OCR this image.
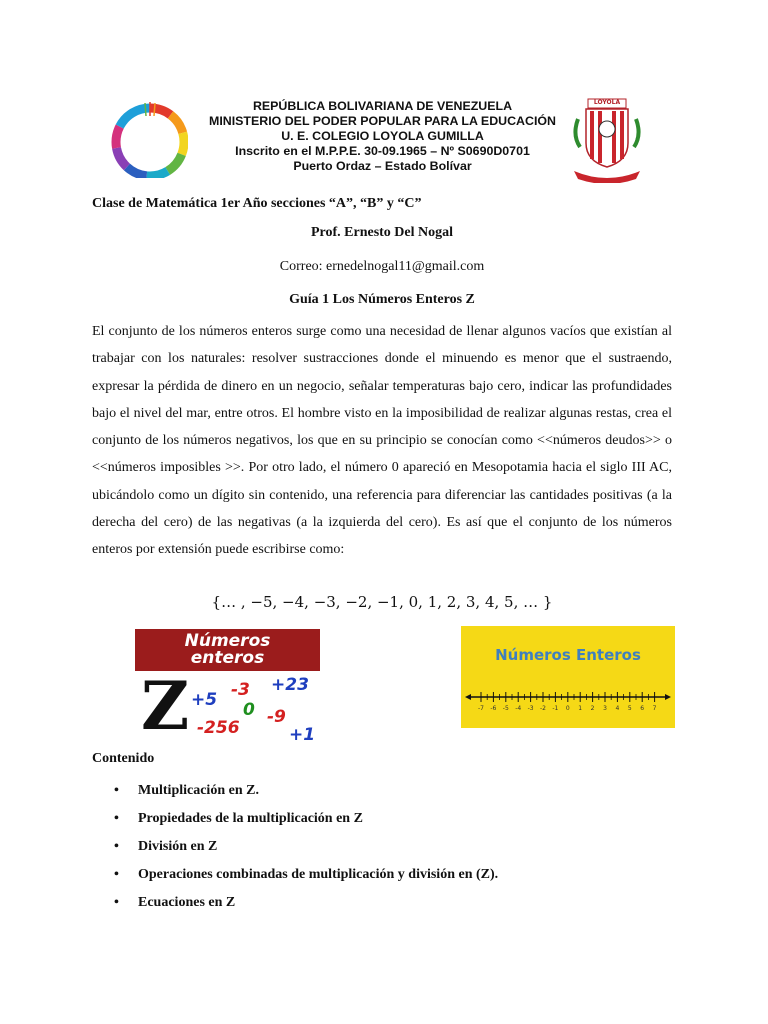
REPÚBLICA BOLIVARIANA DE VENEZUELA
MINISTERIO DEL PODER POPULAR PARA LA EDUCACIÓN
U. E. COLEGIO LOYOLA GUMILLA
Inscrito en el M.P.P.E. 30-09.1965 – Nº S0690D0701
Puerto Ordaz – Estado Bolívar
LOYOLA
Clase de Matemática 1er Año secciones “A”, “B” y “C”
Prof. Ernesto Del Nogal
Correo: ernedelnogal11@gmail.com
Guía 1 Los Números Enteros Z
El conjunto de los números enteros surge como una necesidad de llenar algunos vacíos que existían al trabajar con los naturales: resolver sustracciones donde el minuendo es menor que el sustraendo, expresar la pérdida de dinero en un negocio, señalar temperaturas bajo cero, indicar las profundidades bajo el nivel del mar, entre otros. El hombre visto en la imposibilidad de realizar algunas restas, crea el conjunto de los números negativos, los que en su principio se conocían como <<números deudos>> o <<números imposibles >>. Por otro lado, el número 0 apareció en Mesopotamia hacia el siglo III AC, ubicándolo como un dígito sin contenido, una referencia para diferenciar las cantidades positivas (a la derecha del cero) de las negativas (a la izquierda del cero). Es así que el conjunto de los números enteros por extensión puede escribirse como:
{… , −5, −4, −3, −2, −1, 0, 1, 2, 3, 4, 5, … }
Números
enteros
Z +5 -3 +23
0 -9
-256	+1
Números Enteros
-7 -6 -5 -4 -3 -2 -1	0	1	2	3	4	5	6	7
Contenido
• Multiplicación en Z.
• Propiedades de la multiplicación en Z
• División en Z
• Operaciones combinadas de multiplicación y división en (Z).
• Ecuaciones en Z
